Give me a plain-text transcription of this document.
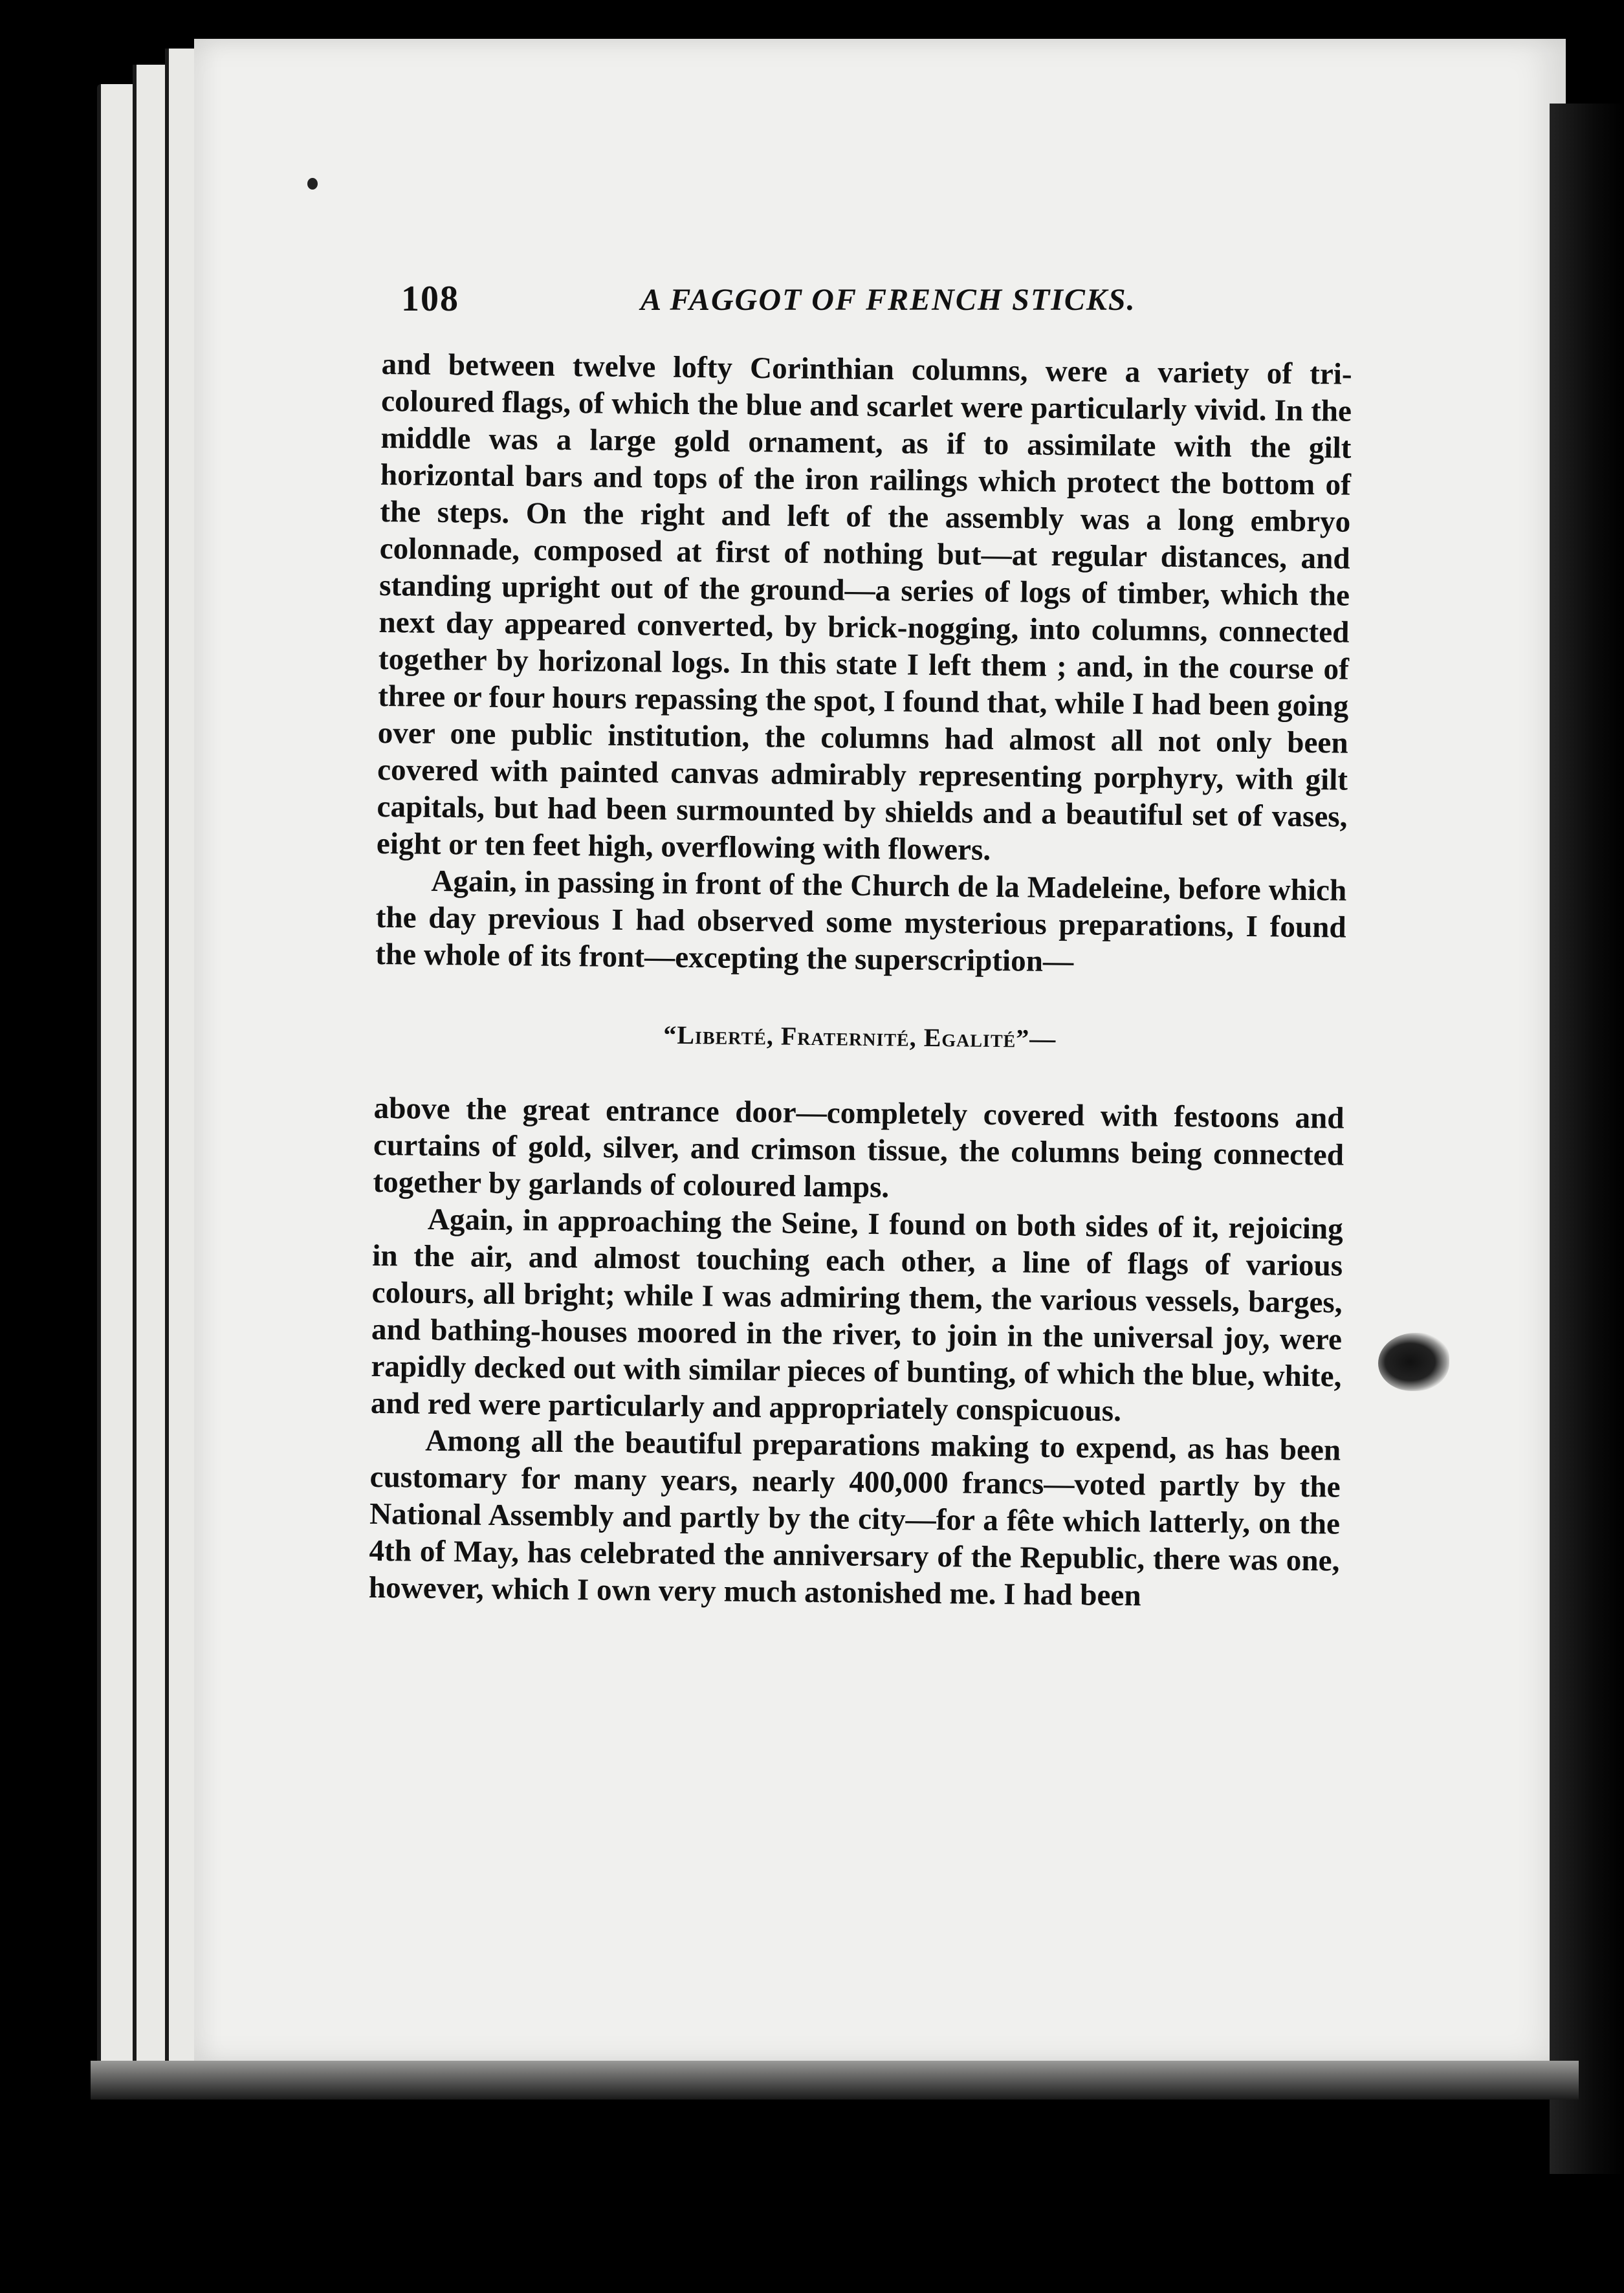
108	A FAGGOT OF FRENCH STICKS.

and between twelve lofty Corinthian columns, were a variety of tri-coloured flags, of which the blue and scarlet were particularly vivid. In the middle was a large gold ornament, as if to assimilate with the gilt horizontal bars and tops of the iron railings which protect the bottom of the steps. On the right and left of the assembly was a long embryo colonnade, composed at first of nothing but—at regular distances, and standing upright out of the ground—a series of logs of timber, which the next day appeared converted, by brick-nogging, into columns, connected together by horizonal logs. In this state I left them ; and, in the course of three or four hours repassing the spot, I found that, while I had been going over one public institution, the columns had almost all not only been covered with painted canvas admirably representing porphyry, with gilt capitals, but had been surmounted by shields and a beautiful set of vases, eight or ten feet high, overflowing with flowers.

Again, in passing in front of the Church de la Madeleine, before which the day previous I had observed some mysterious preparations, I found the whole of its front—excepting the superscription—

“Liberté, Fraternité, Egalité”—

above the great entrance door—completely covered with festoons and curtains of gold, silver, and crimson tissue, the columns being connected together by garlands of coloured lamps.

Again, in approaching the Seine, I found on both sides of it, rejoicing in the air, and almost touching each other, a line of flags of various colours, all bright; while I was admiring them, the various vessels, barges, and bathing-houses moored in the river, to join in the universal joy, were rapidly decked out with similar pieces of bunting, of which the blue, white, and red were particularly and appropriately conspicuous.

Among all the beautiful preparations making to expend, as has been customary for many years, nearly 400,000 francs—voted partly by the National Assembly and partly by the city—for a fête which latterly, on the 4th of May, has celebrated the anniversary of the Republic, there was one, however, which I own very much astonished me. I had been
